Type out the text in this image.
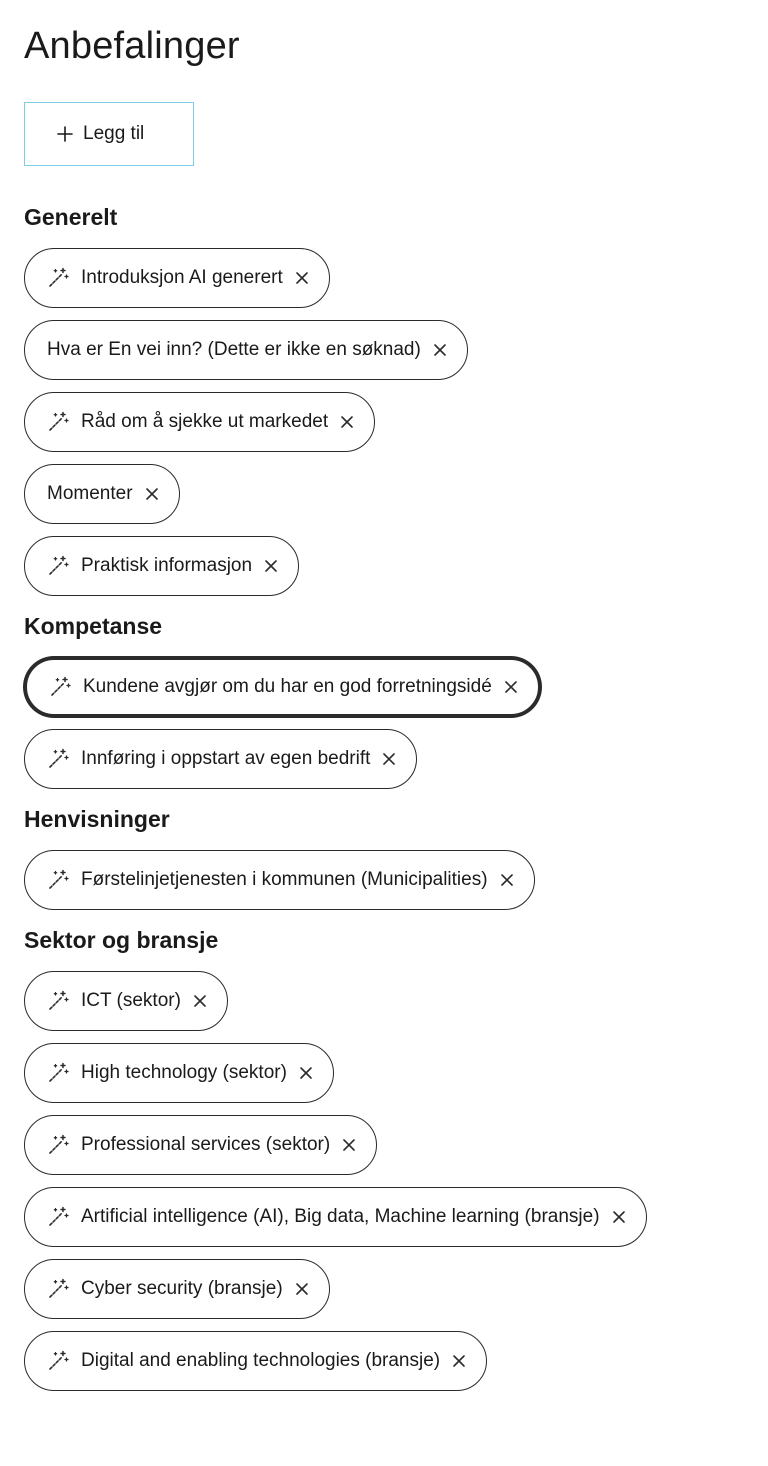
Anbefalinger
Legg til
Generelt
Introduksjon AI generert
Hva er En vei inn? (Dette er ikke en søknad)
Råd om å sjekke ut markedet
Momenter
Praktisk informasjon
Kompetanse
Kundene avgjør om du har en god forretningsidé
Innføring i oppstart av egen bedrift
Henvisninger
Førstelinjetjenesten i kommunen (Municipalities)
Sektor og bransje
ICT (sektor)
High technology (sektor)
Professional services (sektor)
Artificial intelligence (AI), Big data, Machine learning (bransje)
Cyber security (bransje)
Digital and enabling technologies (bransje)
